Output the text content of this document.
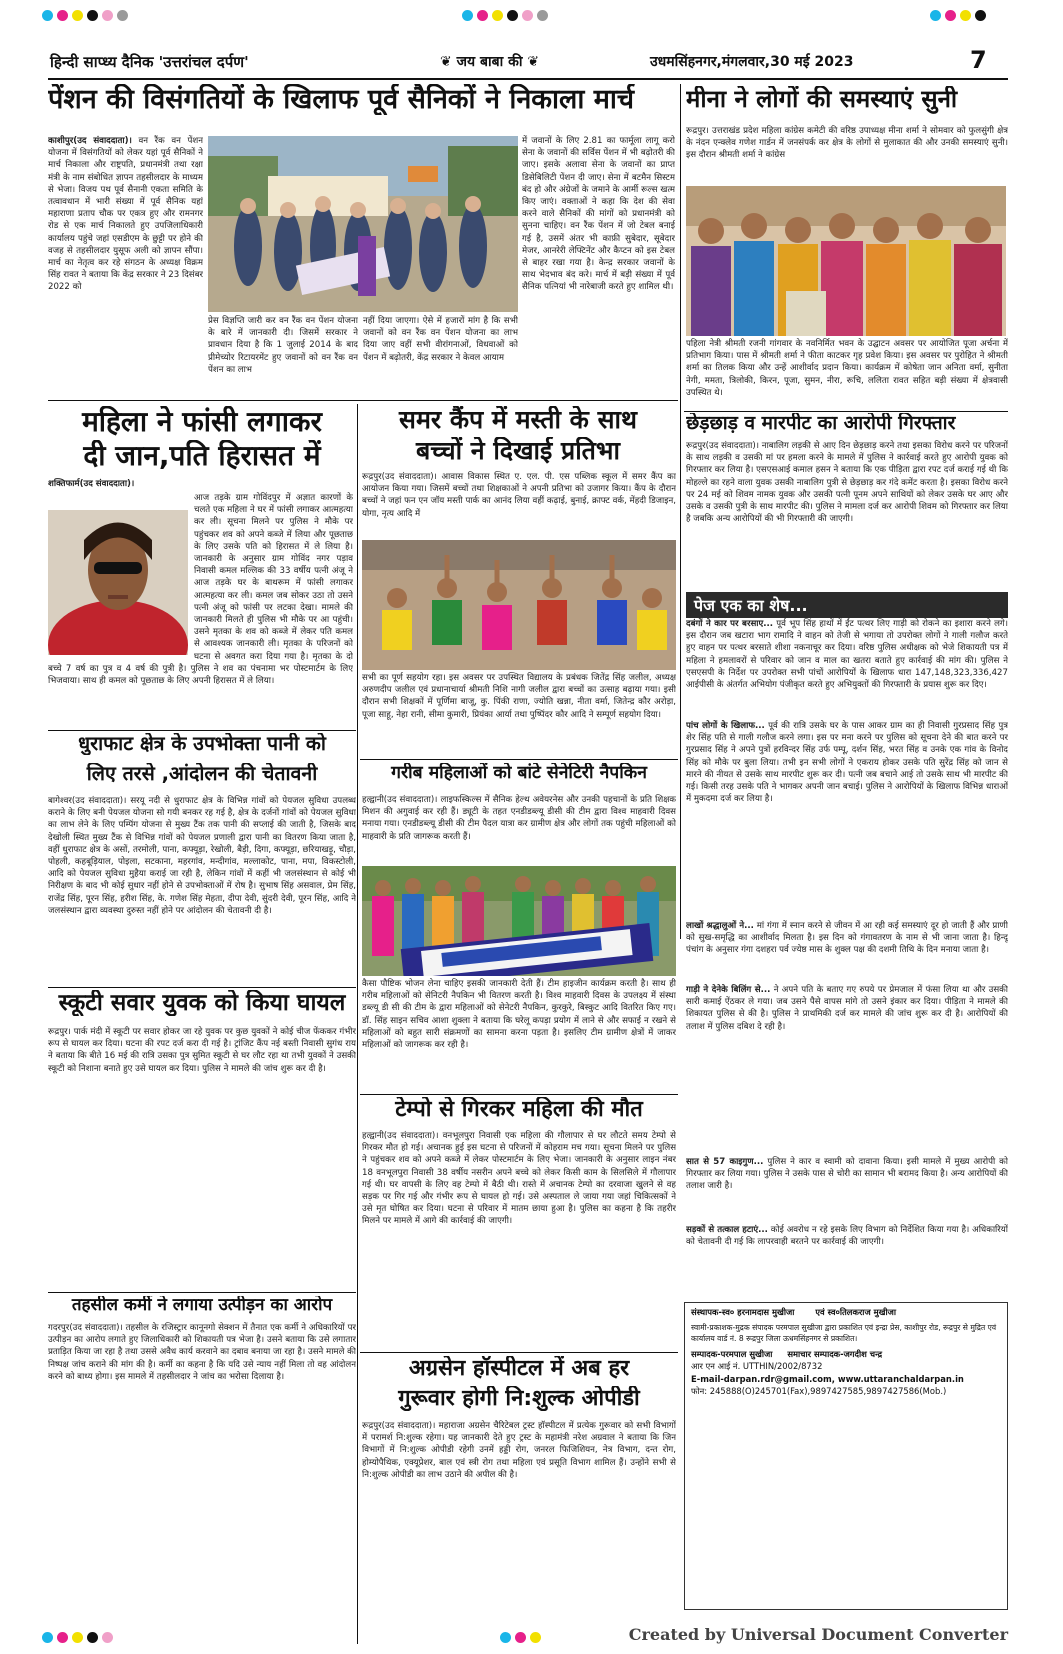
हिन्दी साप्ध्य दैनिक 'उत्तरांचल दर्पण'	❦ जय बाबा की ❦	उधमसिंहनगर,मंगलवार,30 मई 2023	7
पेंशन की विसंगतियों के खिलाफ पूर्व सैनिकों ने निकाला मार्च	मीना ने लोगों की समस्याएं सुनी
काशीपुर(उद संवाददाता)। वन रैंक वन पेंशन योजना में विसंगतियों को लेकर यहां पूर्व सैनिकों ने मार्च निकाला और राष्ट्रपति, प्रधानमंत्री तथा रक्षा मंत्री के नाम संबोधित ज्ञापन तहसीलदार के माध्यम से भेजा। विजय पथ पूर्व सैनानी एकता समिति के तत्वावधान में भारी संख्या में पूर्व सैनिक यहां महाराणा प्रताप चौक पर एकत्र हुए और रामनगर रोड से एक मार्च निकालते हुए उपजिलाधिकारी कार्यालय पहुंचे जहां एसडीएम के छुट्टी पर होने की वजह से तहसीलदार युसूफ अली को ज्ञापन सौंपा। मार्च का नेतृत्व कर रहे संगठन के अध्यक्ष विक्रम सिंह रावत ने बताया कि केंद्र सरकार ने 23 दिसंबर 2022 को
में जवानों के लिए 2.81 का फार्मूला लागू करो सेना के जवानों की सर्विस पेंशन में भी बढ़ोतरी की जाए। इसके अलावा सेना के जवानों का प्राप्त डिसेबिलिटी पेंशन दी जाए। सेना में बटमैन सिस्टम बंद हो और अंग्रेजों के जमाने के आर्मी रूल्स खत्म किए जाएं। वक्ताओं ने कहा कि देश की सेवा करने वाले सैनिकों की मांगों को प्रधानमंत्री को सुनना चाहिए। वन रैंक पेंशन में जो टेबल बनाई गई है, उसमें अंतर भी काफ़ी सुबेदार, सूबेदार मेजर, आनरेरी लेफ्टिनेंट और कैप्टन को इस टेबल से बाहर रखा गया है। केन्द्र सरकार जवानों के साथ भेदभाव बंद करे। मार्च में बड़ी संख्या में पूर्व सैनिक पत्नियां भी नारेबाजी करते हुए शामिल थी।
प्रेस विज्ञप्ति जारी कर वन रैंक वन पेंशन योजना के बारे में जानकारी दी। जिसमें सरकार ने प्रावधान दिया है कि 1 जुलाई 2014 के बाद प्रीमेच्योर रिटायरमेंट हुए जवानों को वन रैंक वन पेंशन का लाभ
नहीं दिया जाएगा। ऐसे में हजारों मांग है कि सभी जवानों को वन रैंक वन पेंशन योजना का लाभ दिया जाए वहीं सभी वीरांगनाओं, विधवाओं को पेंशन में बढ़ोतरी, केंद्र सरकार ने केवल आयाम
रूद्रपुर। उत्तराखंड प्रदेश महिला कांग्रेस कमेटी की वरिष्ठ उपाध्यक्ष मीना शर्मा ने सोमवार को फुलसुंगी क्षेत्र के नंदन एन्क्लेव गणेश गार्डन में जनसंपर्क कर क्षेत्र के लोगों से मुलाकात की और उनकी समस्याएं सुनी। इस दौरान श्रीमती शर्मा ने कांग्रेस
पहिला नेत्री श्रीमती रजनी गांगवार के नवनिर्मित भवन के उद्घाटन अवसर पर आयोजित पूजा अर्चना में प्रतिभाग किया। पास में श्रीमती शर्मा ने फीता काटकर गृह प्रवेश किया। इस अवसर पर पुरोहित ने श्रीमती शर्मा का तिलक किया और उन्हें आशीर्वाद प्रदान किया। कार्यक्रम में कोषेता जान अनिता वर्मा, सुनीता नेगी, ममता, त्रिलोकी, किरन, पूजा, सुमन, नीरा, रूचि, ललिता रावत सहित बड़ी संख्या में क्षेत्रवासी उपस्थित थे।
छेड़छाड़ व मारपीट का आरोपी गिरफ्तार
रूद्रपुर(उद संवाददाता)। नाबालिग लड़की से आए दिन छेड़छाड़ करने तथा इसका विरोध करने पर परिजनों के साथ लड़की व उसकी मां पर हमला करने के मामले में पुलिस ने कार्रवाई करते हुए आरोपी युवक को गिरफ्तार कर लिया है। एसएसआई कमाल हसन ने बताया कि एक पीड़िता द्वारा रपट दर्ज कराई गई थी कि मोहल्ले का रहने वाला युवक उसकी नाबालिग पुत्री से छेड़छाड़ कर गंदे कमेंट करता है। इसका विरोध करने पर 24 मई को शिवम नामक युवक और उसकी पत्नी पूनम अपने साथियों को लेकर उसके घर आए और उसके व उसकी पुत्री के साथ मारपीट की। पुलिस ने मामला दर्ज कर आरोपी शिवम को गिरफ्तार कर लिया है जबकि अन्य आरोपियों की भी गिरफ्तारी की जाएगी।
पेज एक का शेष...
दबंगों ने कार पर बरसाए... पूर्व भूप सिंह हाथों में ईंट पत्थर लिए गाड़ी को रोकने का इशारा करने लगे। इस दौरान जब खटारा भाग रामादि ने वाहन को तेजी से भगाया तो उपरोक्त लोगों ने गाली गलौज करते हुए वाहन पर पत्थर बरसाते शीशा नकनाचूर कर दिया। वरिष्ठ पुलिस अधीक्षक को भेजे शिकायती पत्र में महिला ने हमलावरों से परिवार को जान व माल का खतरा बताते हुए कार्रवाई की मांग की। पुलिस ने एसएसपी के निर्देश पर उपरोक्त सभी पांचों आरोपियों के खिलाफ धारा 147,148,323,336,427 आईपीसी के अंतर्गत अभियोग पंजीकृत करते हुए अभियुक्तों की गिरफ्तारी के प्रयास शुरू कर दिए।
पांच लोगों के खिलाफ... पूर्व की रात्रि उसके घर के पास आकर ग्राम का ही निवासी गुरप्रसाद सिंह पुत्र शेर सिंह पति से गाली गलौज करने लगा। इस पर मना करने पर पुलिस को सूचना देने की बात करने पर गुरप्रसाद सिंह ने अपने पुत्रों हरविन्दर सिंह उर्फ पम्पू, दर्शन सिंह, भरत सिंह व उनके एक गांव के विनोद सिंह को मौके पर बुला लिया। तभी इन सभी लोगों ने एकराय होकर उसके पति सुरेंद्र सिंह को जान से मारने की नीयत से उसके साथ मारपीट शुरू कर दी। पत्नी जब बचाने आई तो उसके साथ भी मारपीट की गई। किसी तरह उसके पति ने भागकर अपनी जान बचाई। पुलिस ने आरोपियों के खिलाफ विभिन्न धाराओं में मुकदमा दर्ज कर लिया है।
लाखों श्रद्धालुओं ने... मां गंगा में स्नान करने से जीवन में आ रही कई समस्याएं दूर हो जाती हैं और प्राणी को सुख-समृद्धि का आशीर्वाद मिलता है। इस दिन को गंगावतरण के नाम से भी जाना जाता है। हिन्दू पंचांग के अनुसार गंगा दशहरा पर्व ज्येष्ठ मास के शुक्ल पक्ष की दशमी तिथि के दिन मनाया जाता है।
गाड़ी ने देनेके बिलिंग से... ने अपने पति के बताए गए रुपये पर प्रेमजाल में फंसा लिया था और उसकी सारी कमाई ऐंठकर ले गया। जब उसने पैसे वापस मांगे तो उसने इंकार कर दिया। पीड़िता ने मामले की शिकायत पुलिस से की है। पुलिस ने प्राथमिकी दर्ज कर मामले की जांच शुरू कर दी है। आरोपियों की तलाश में पुलिस दबिश दे रही है।
सात से 57 काइगुण... पुलिस ने कार व स्वामी को दावाना किया। इसी मामले में मुख्य आरोपी को गिरफ्तार कर लिया गया। पुलिस ने उसके पास से चोरी का सामान भी बरामद किया है। अन्य आरोपियों की तलाश जारी है।
सड़कों से तत्काल हटाएं... कोई अवरोध न रहे इसके लिए विभाग को निर्देशित किया गया है। अधिकारियों को चेतावनी दी गई कि लापरवाही बरतने पर कार्रवाई की जाएगी।
महिला ने फांसी लगाकर
दी जान,पति हिरासत में
शक्तिफार्म(उद संवाददाता)।
आज तड़के ग्राम गोविंदपुर में अज्ञात कारणों के चलते एक महिला ने घर में फांसी लगाकर आत्महत्या कर ली। सूचना मिलने पर पुलिस ने मौके पर पहुंचकर शव को अपने कब्जे में लिया और पूछताछ के लिए उसके पति को हिरासत में ले लिया है। जानकारी के अनुसार ग्राम गोविंद नगर पड़ाव निवासी कमल मल्लिक की 33 वर्षीय पत्नी अंजू ने आज तड़के घर के बाथरूम में फांसी लगाकर आत्महत्या कर ली। कमल जब सोकर उठा तो उसने पत्नी अंजू को फांसी पर लटका देखा। मामले की जानकारी मिलते ही पुलिस भी मौके पर आ पहुंची। उसने मृतका के शव को कब्जे में लेकर पति कमल से आवश्यक जानकारी ली। मृतका के परिजनों को घटना से अवगत करा दिया गया है। मृतका के दो बच्चे 7 वर्ष का पुत्र व 4 वर्ष की पुत्री है। पुलिस ने शव का पंचनामा भर पोस्टमार्टम के लिए भिजवाया। साथ ही कमल को पूछताछ के लिए अपनी हिरासत में ले लिया।
समर कैंप में मस्ती के साथ
बच्चों ने दिखाई प्रतिभा
रूद्रपुर(उद संवाददाता)। आवास विकास स्थित ए. एल. पी. एस पब्लिक स्कूल में समर कैंप का आयोजन किया गया। जिसमें बच्चों तथा शिक्षकाओं ने अपनी प्रतिभा को उजागर किया। कैंप के दौरान बच्चों ने जहां फन एन जॉय मस्ती पार्क का आनंद लिया वहीं कढ़ाई, बुनाई, क्राफ्ट वर्क, मेंहदी डिजाइन, योगा, नृत्य आदि में
सभी का पूर्ण सहयोग रहा। इस अवसर पर उपस्थित विद्यालय के प्रबंधक जितेंद्र सिंह जलील, अध्यक्ष अरुणदीप जलील एवं प्रधानाचार्या श्रीमती निशि नागी जलील द्वारा बच्चों का उत्साह बढ़ाया गया। इसी दौरान सभी शिक्षकों में पूर्णिमा बाजू, कु. पिंकी राणा, ज्योति खन्ना, नीता वर्मा, जितेन्द्र कौर अरोड़ा, पूजा साहू, नेहा रानी, सीमा कुमारी, प्रियंका आर्या तथा पुष्पिंदर कौर आदि ने सम्पूर्ण सहयोग दिया।
धुराफाट क्षेत्र के उपभोक्ता पानी को
लिए तरसे ,आंदोलन की चेतावनी
बागेश्वर(उद संवाददाता)। सरयू नदी से धुराफाट क्षेत्र के विभिन्न गांवों को पेयजल सुविधा उपलब्ध कराने के लिए बनी पेयजल योजना सो गयी बनकर रह गई है, क्षेत्र के दर्जनों गांवों को पेयजल सुविधा का लाभ लेने के लिए पम्पिंग योजना से मुख्य टैंक तक पानी की सप्लाई की जाती है, जिसके बाद देखोली स्थित मुख्य टैंक से विभिन्न गांवों को पेयजल प्रणाली द्वारा पानी का वितरण किया जाता है, वहीं धुराफाट क्षेत्र के असों, तरमोली, पाना, कफ्यूड़ा, रेखोली, बैड़ी, दिगा, कफ्यूड़ा, छरियाखड़ू, चौड़ा, पोहली, कहबूड़ियाल, पोइला, सटकाना, महरगांव, मन्दीगांव, मल्लाकोट, पाना, मपा, विकस्टोली, आदि को पेयजल सुविधा मुहैया कराई जा रही है, लेकिन गांवों में कहीं भी जलसंस्थान से कोई भी निरीक्षण के बाद भी कोई सुधार नहीं होने से उपभोक्ताओं में रोष है। सुभाष सिंह असवाल, प्रेम सिंह, राजेंद्र सिंह, पूरन सिंह, हरीश सिंह, के. गणेश सिंह मेहता, दीपा देवी, सुंदरी देवी, पूरन सिंह, आदि ने जलसंस्थान द्वारा व्यवस्था दुरुस्त नहीं होने पर आंदोलन की चेतावनी दी है।
गरीब महिलाओं को बांटे सेनेटिरी नैपकिन
हल्द्वानी(उद संवाददाता)। लाइफस्किल्स में सैनिक हेल्थ अवेयरनेस और उनकी पहचानों के प्रति शिक्षक मिशन की अगुवाई कर रही हैं। ड्यूटी के तहत एनडीडब्ल्यू डीसी की टीम द्वारा विश्व माहवारी दिवस मनाया गया। एनडीडब्ल्यू डीसी की टीम पैदल यात्रा कर ग्रामीण क्षेत्र और लोगों तक पहुंची महिलाओं को माहवारी के प्रति जागरूक करती हैं।
कैसा पौष्टिक भोजन लेना चाहिए इसकी जानकारी देती हैं। टीम हाइजीन कार्यक्रम करती है। साथ ही गरीब महिलाओं को सेनिटरी नैपकिन भी वितरण करती है। विश्व माहवारी दिवस के उपलक्ष्य में संस्था डब्ल्यू डी सी की टीम के द्वारा महिलाओं को सेनेटरी नैपकिन, कुरकुरे, बिस्कुट आदि वितरित किए गए। डॉ. सिंह साइन सचिव आशा शुक्ला ने बताया कि घरेलू कपड़ा प्रयोग में लाने से और सफाई न रखने से महिलाओं को बहुत सारी संक्रमणों का सामना करना पड़ता है। इसलिए टीम ग्रामीण क्षेत्रों में जाकर महिलाओं को जागरूक कर रही है।
स्कूटी सवार युवक को किया घायल
रूद्रपुर। पार्क मंदी में स्कूटी पर सवार होकर जा रहे युवक पर कुछ युवकों ने कोई चीज फेंककर गंभीर रूप से घायल कर दिया। घटना की रपट दर्ज करा दी गई है। ट्रांजिट कैंप नई बस्ती निवासी सुगंध राय ने बताया कि बीते 16 मई की रात्रि उसका पुत्र सुमित स्कूटी से घर लौट रहा था तभी युवकों ने उसकी स्कूटी को निशाना बनाते हुए उसे घायल कर दिया। पुलिस ने मामले की जांच शुरू कर दी है।
तहसील कर्मी ने लगाया उत्पीड़न का आरोप
गदरपुर(उद संवाददाता)। तहसील के रजिस्ट्रार कानूनगो सेक्शन में तैनात एक कर्मी ने अधिकारियों पर उत्पीड़न का आरोप लगाते हुए जिलाधिकारी को शिकायती पत्र भेजा है। उसने बताया कि उसे लगातार प्रताड़ित किया जा रहा है तथा उससे अवैध कार्य करवाने का दबाव बनाया जा रहा है। उसने मामले की निष्पक्ष जांच कराने की मांग की है। कर्मी का कहना है कि यदि उसे न्याय नहीं मिला तो वह आंदोलन करने को बाध्य होगा। इस मामले में तहसीलदार ने जांच का भरोसा दिलाया है।
टेम्पो से गिरकर महिला की मौत
हल्द्वानी(उद संवाददाता)। वनभूलपुरा निवासी एक महिला की गौलापार से घर लौटते समय टेम्पो से गिरकर मौत हो गई। अचानक हुई इस घटना से परिजनों में कोहराम मच गया। सूचना मिलने पर पुलिस ने पहुंचकर शव को अपने कब्जे में लेकर पोस्टमार्टम के लिए भेजा। जानकारी के अनुसार लाइन नंबर 18 वनभूलपुरा निवासी 38 वर्षीय नसरीन अपने बच्चे को लेकर किसी काम के सिलसिले में गौलापार गई थी। घर वापसी के लिए वह टेम्पो में बैठी थी। रास्ते में अचानक टेम्पो का दरवाजा खुलने से वह सड़क पर गिर गई और गंभीर रूप से घायल हो गई। उसे अस्पताल ले जाया गया जहां चिकित्सकों ने उसे मृत घोषित कर दिया। घटना से परिवार में मातम छाया हुआ है। पुलिस का कहना है कि तहरीर मिलने पर मामले में आगे की कार्रवाई की जाएगी।
अग्रसेन हॉस्पीटल में अब हर
गुरूवार होगी नि:शुल्क ओपीडी
रूद्रपुर(उद संवाददाता)। महाराजा अग्रसेन चैरिटेबल ट्रस्ट हॉस्पीटल में प्रत्येक गुरूवार को सभी विभागों में परामर्श नि:शुल्क रहेगा। यह जानकारी देते हुए ट्रस्ट के महामंत्री नरेश अग्रवाल ने बताया कि जिन विभागों में नि:शुल्क ओपीडी रहेगी उनमें हड्डी रोग, जनरल फिजिशियन, नेत्र विभाग, दन्त रोग, होम्योपैथिक, एक्यूप्रेशर, बाल एवं स्त्री रोग तथा महिला एवं प्रसूति विभाग शामिल हैं। उन्होंने सभी से नि:शुल्क ओपीडी का लाभ उठाने की अपील की है।
संस्थापक-स्व० हरनामदास मुखीजा एवं स्व०तिलकराज मुखीजा
स्वामी-प्रकाशक-मुद्रक संपादक परमपाल सुखीजा द्वारा प्रकाशित एवं इन्द्रा प्रेस, काशीपुर रोड, रूद्रपुर से मुद्रित एवं कार्यालय वार्ड नं. 8 रूद्रपुर जिला ऊधमसिंहनगर से प्रकाशित।
सम्पादक-परमपाल सुखीजा समाचार सम्पादक-जगदीश चन्द्र
आर एन आई नं. UTTHIN/2002/8732
E-mail-darpan.rdr@gmail.com, www.uttaranchaldarpan.in
फोन: 245888(O)245701(Fax),9897427585,9897427586(Mob.)
Created by Universal Document Converter
